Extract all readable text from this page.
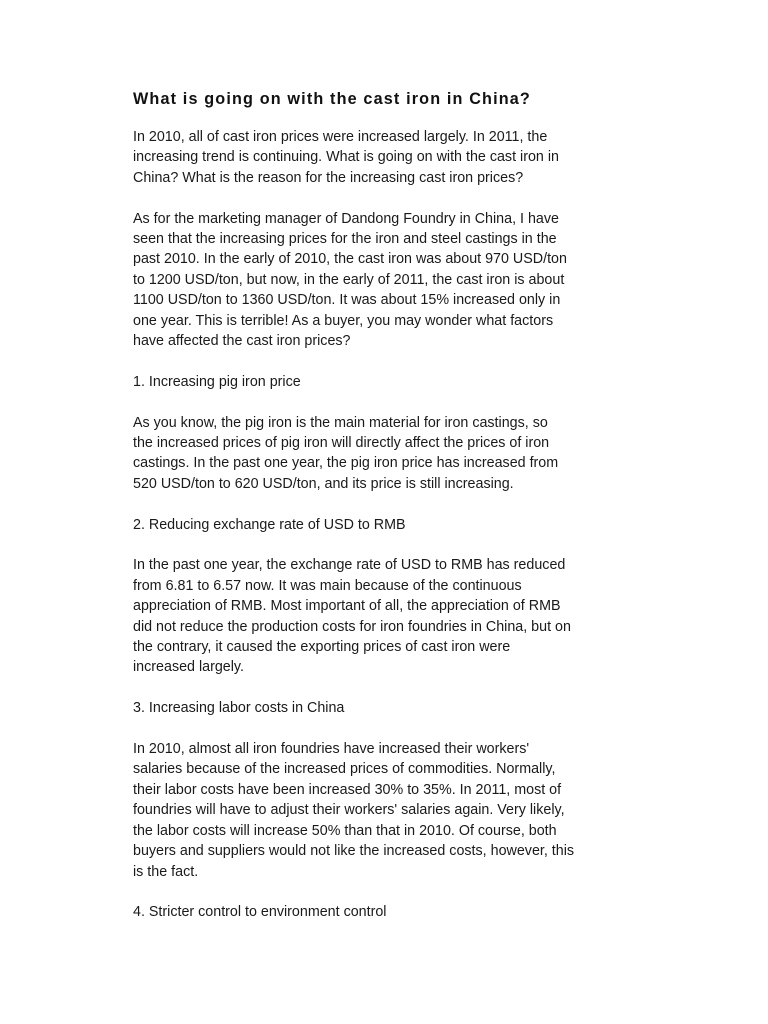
What is going on with the cast iron in China?
In 2010, all of cast iron prices were increased largely. In 2011, the
increasing trend is continuing. What is going on with the cast iron in
China? What is the reason for the increasing cast iron prices?
As for the marketing manager of Dandong Foundry in China, I have
seen that the increasing prices for the iron and steel castings in the
past 2010. In the early of 2010, the cast iron was about 970 USD/ton
to 1200 USD/ton, but now, in the early of 2011, the cast iron is about
1100 USD/ton to 1360 USD/ton. It was about 15% increased only in
one year. This is terrible! As a buyer, you may wonder what factors
have affected the cast iron prices?
1. Increasing pig iron price
As you know, the pig iron is the main material for iron castings, so
the increased prices of pig iron will directly affect the prices of iron
castings. In the past one year, the pig iron price has increased from
520 USD/ton to 620 USD/ton, and its price is still increasing.
2. Reducing exchange rate of USD to RMB
In the past one year, the exchange rate of USD to RMB has reduced
from 6.81 to 6.57 now. It was main because of the continuous
appreciation of RMB. Most important of all, the appreciation of RMB
did not reduce the production costs for iron foundries in China, but on
the contrary, it caused the exporting prices of cast iron were
increased largely.
3. Increasing labor costs in China
In 2010, almost all iron foundries have increased their workers'
salaries because of the increased prices of commodities. Normally,
their labor costs have been increased 30% to 35%. In 2011, most of
foundries will have to adjust their workers' salaries again. Very likely,
the labor costs will increase 50% than that in 2010. Of course, both
buyers and suppliers would not like the increased costs, however, this
is the fact.
4. Stricter control to environment control
